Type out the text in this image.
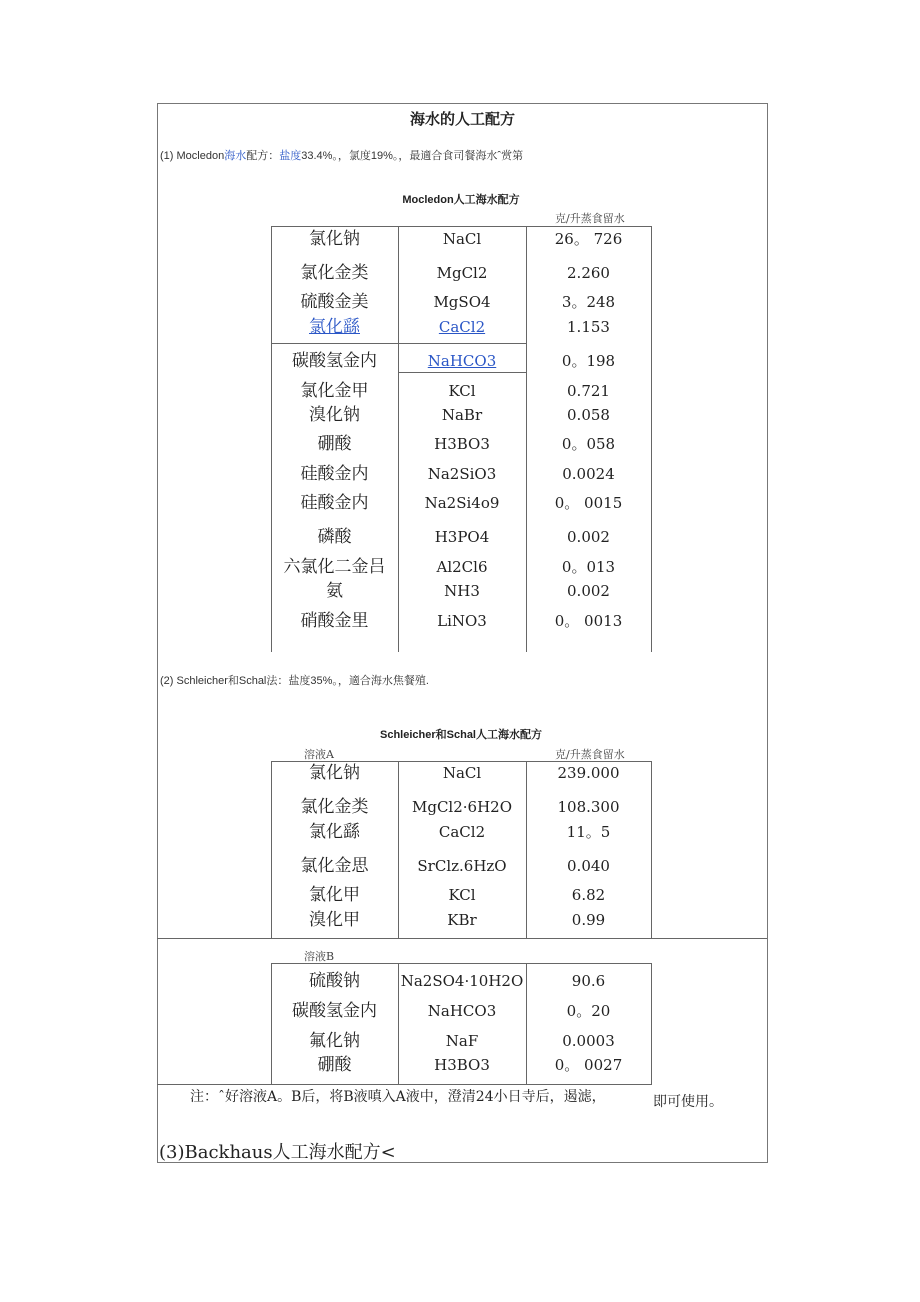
海水的人工配方
(1) Mocledon海水配方：盐度33.4%。，氯度19%。，最適合食司餐海水ˆ赏第
Mocledon人工海水配方
克/升蒸食留水
(2) Schleicher和Schal法：盐度35%。，適合海水焦餐殖.
Schleicher和Schal人工海水配方
溶液A	克/升蒸食留水
溶液B
注：ˆ好溶液A。B后，将B液嗔入A液中，澄清24小日寺后，遏滤，	即可使用。
(3)Backhaus人工海水配方<
氯化钠	NaCl	26。 726
氯化金类	MgCl2	2.260
硫酸金美	MgSO4	3。248
氯化繇	CaCl2	1.153
碳酸氢金内	NaHCO3	0。198
氯化金甲	KCl	0.721
溴化钠	NaBr	0.058
硼酸	H3BO3	0。058
硅酸金内	Na2SiO3	0.0024
硅酸金内	Na2Si4o9	0。 0015
磷酸	H3PO4	0.002
六氯化二金吕	Al2Cl6	0。013
氨	NH3	0.002
硝酸金里	LiNO3	0。 0013
氯化钠	NaCl	239.000
氯化金类	MgCl2·6H2O	108.300
氯化繇	CaCl2	11。5
氯化金思	SrClz.6HzO	0.040
氯化甲	KCl	6.82
溴化甲	KBr	0.99
硫酸钠	Na2SO4·10H2O	90.6
碳酸氢金内	NaHCO3	0。20
氟化钠	NaF	0.0003
硼酸	H3BO3	0。 0027
